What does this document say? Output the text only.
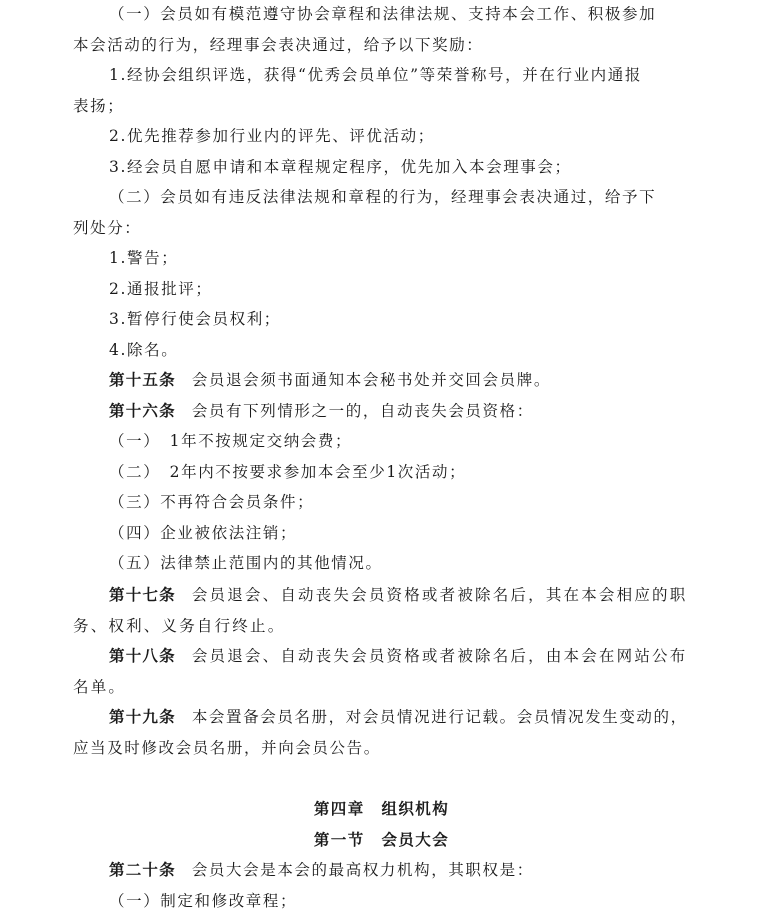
（一）会员如有模范遵守协会章程和法律法规、支持本会工作、积极参加
本会活动的行为，经理事会表决通过，给予以下奖励：
1.经协会组织评选，获得“优秀会员单位”等荣誉称号，并在行业内通报
表扬；
2.优先推荐参加行业内的评先、评优活动；
3.经会员自愿申请和本章程规定程序，优先加入本会理事会；
（二）会员如有违反法律法规和章程的行为，经理事会表决通过，给予下
列处分：
1.警告；
2.通报批评；
3.暂停行使会员权利；
4.除名。
第十五条 会员退会须书面通知本会秘书处并交回会员牌。
第十六条 会员有下列情形之一的，自动丧失会员资格：
（一）　1年不按规定交纳会费；
（二）　2年内不按要求参加本会至少1次活动；
（三）不再符合会员条件；
（四）企业被依法注销；
（五）法律禁止范围内的其他情况。
第十七条 会员退会、自动丧失会员资格或者被除名后，其在本会相应的职
务、权利、义务自行终止。
第十八条 会员退会、自动丧失会员资格或者被除名后，由本会在网站公布
名单。
第十九条 本会置备会员名册，对会员情况进行记载。会员情况发生变动的，
应当及时修改会员名册，并向会员公告。
第四章　组织机构
第一节　会员大会
第二十条 会员大会是本会的最高权力机构，其职权是：
（一）制定和修改章程；
